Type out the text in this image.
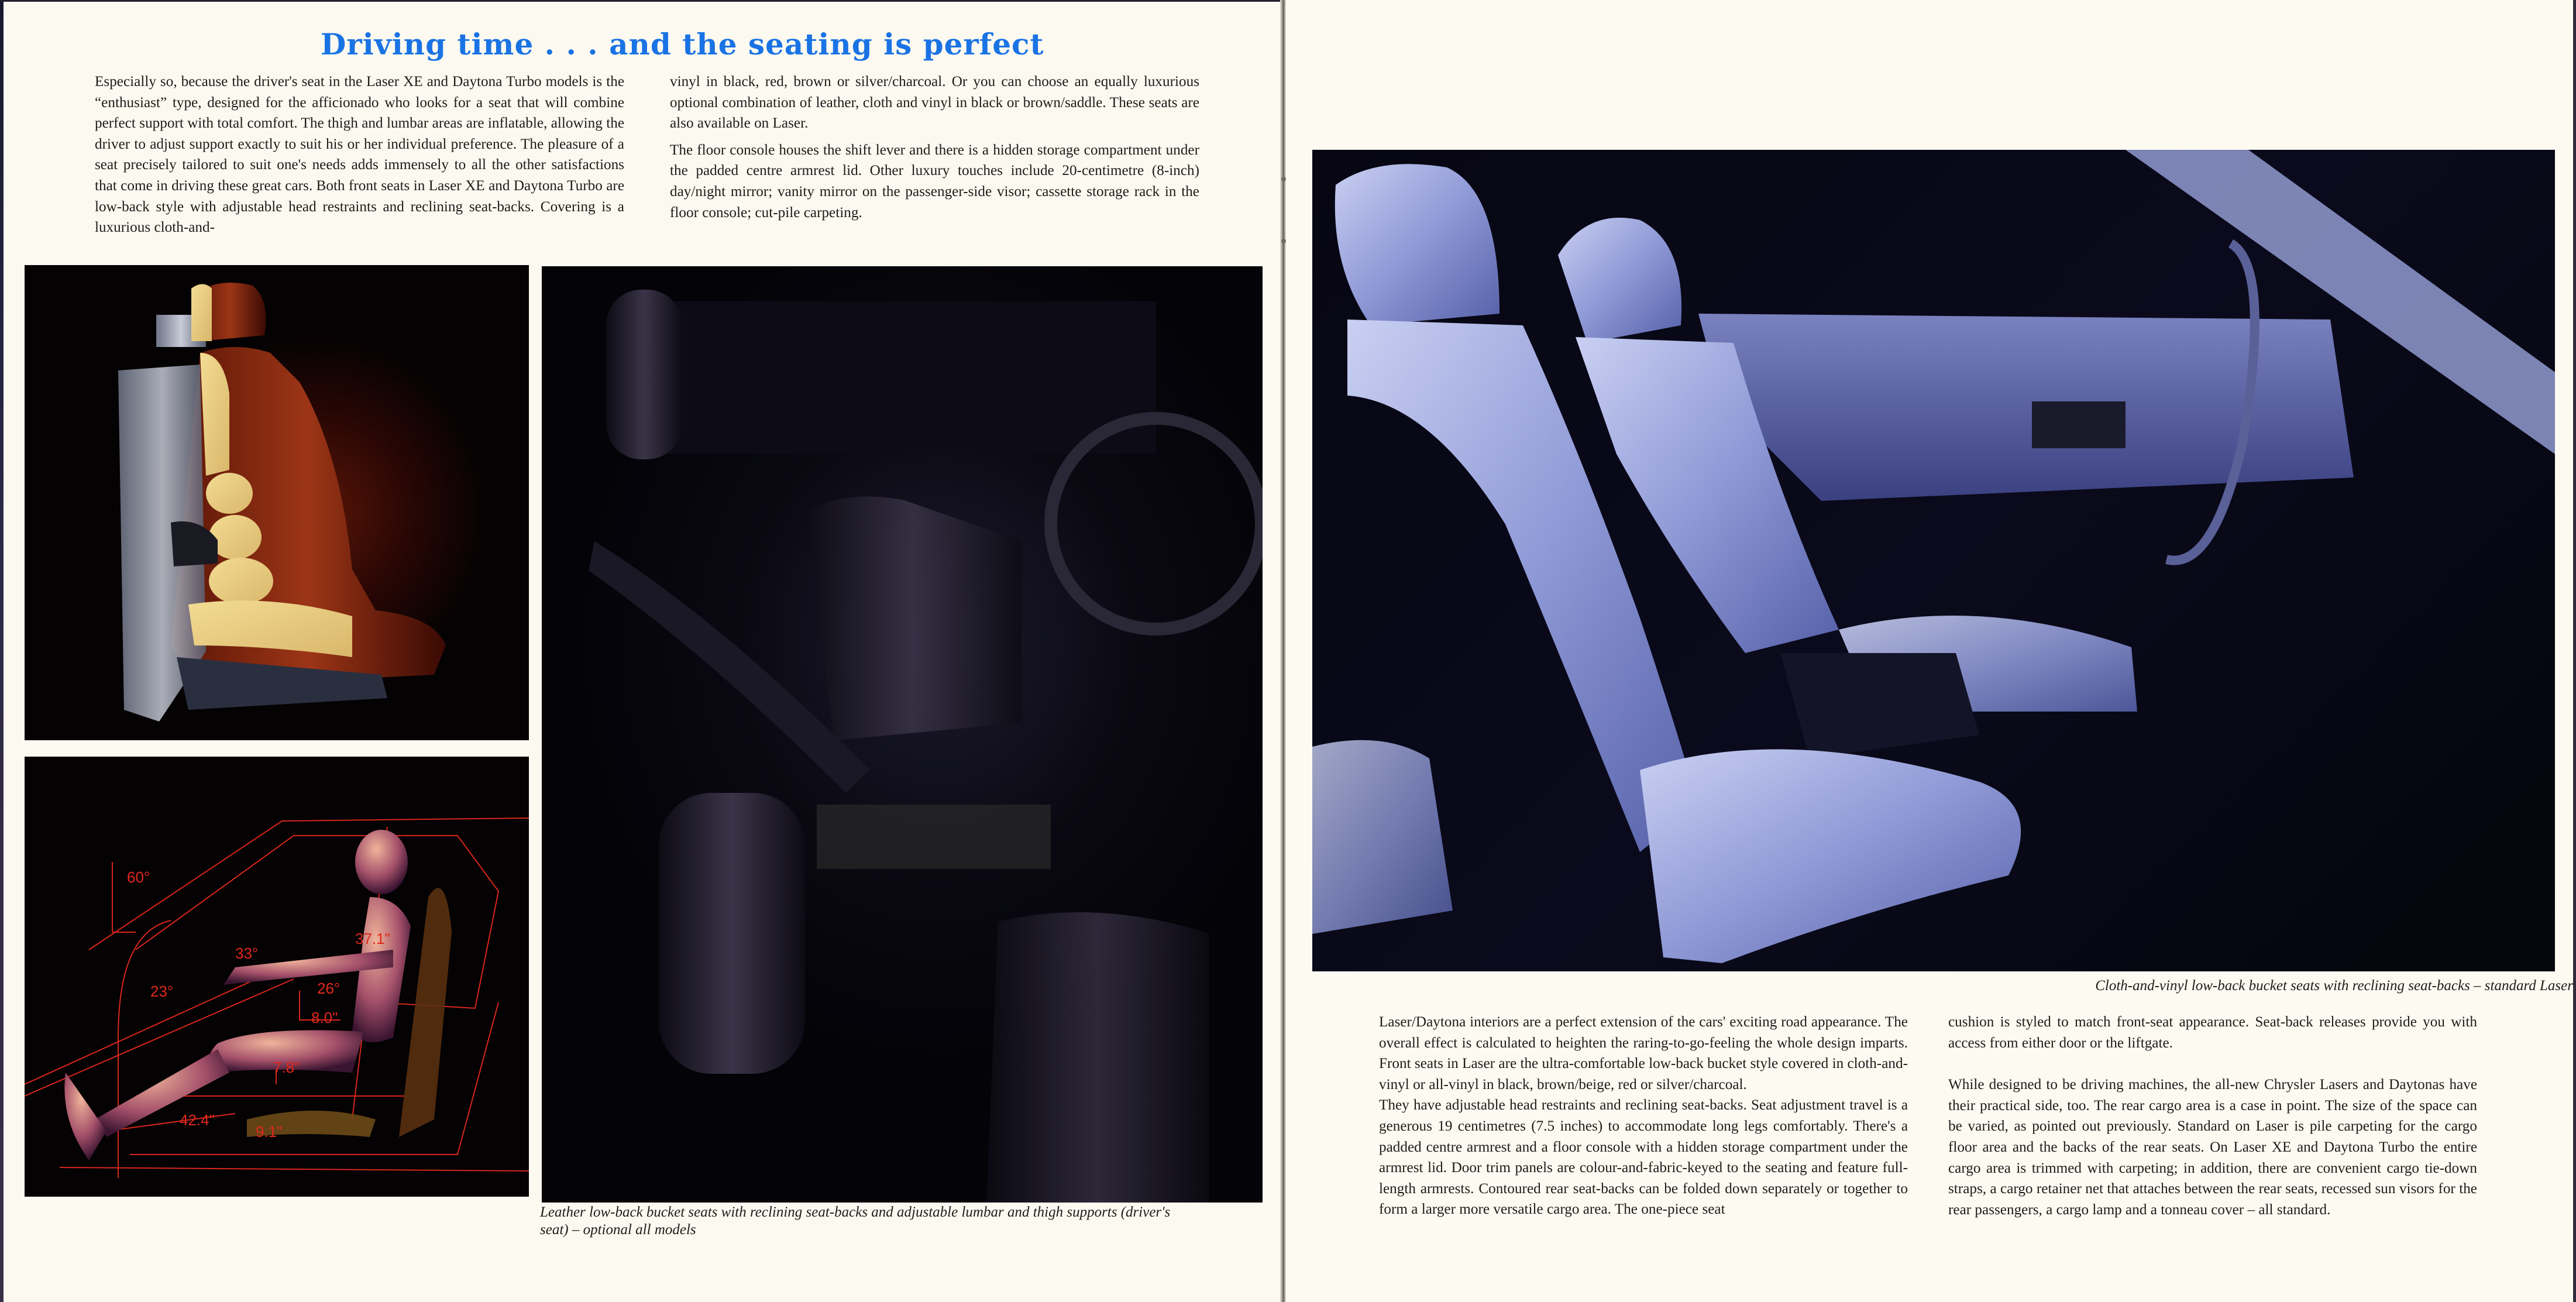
Driving time . . . and the seating is perfect

Especially so, because the driver's seat in the Laser XE and Daytona Turbo models is the “enthusiast” type, designed for the afficionado who looks for a seat that will combine perfect support with total comfort. The thigh and lumbar areas are inflatable, allowing the driver to adjust support exactly to suit his or her individual preference. The pleasure of a seat precisely tailored to suit one's needs adds immensely to all the other satisfactions that come in driving these great cars. Both front seats in Laser XE and Daytona Turbo are low-back style with adjustable head restraints and reclining seat-backs. Covering is a luxurious cloth-and-

vinyl in black, red, brown or silver/charcoal. Or you can choose an equally luxurious optional combination of leather, cloth and vinyl in black or brown/saddle. These seats are also available on Laser.

The floor console houses the shift lever and there is a hidden storage compartment under the padded centre armrest lid. Other luxury touches include 20-centimetre (8-inch) day/night mirror; vanity mirror on the passenger-side visor; cassette storage rack in the floor console; cut-pile carpeting.

60°
33°
23°
37.1"
26°
8.0"
7.8"
42.4"
9.1"
Leather low-back bucket seats with reclining seat-backs and adjustable lumbar and thigh supports (driver's seat) – optional all models
Cloth-and-vinyl low-back bucket seats with reclining seat-backs – standard Laser

Laser/Daytona interiors are a perfect extension of the cars' exciting road appearance. The overall effect is calculated to heighten the raring-to-go-feeling the whole design imparts. Front seats in Laser are the ultra-comfortable low-back bucket style covered in cloth-and-vinyl or all-vinyl in black, brown/beige, red or silver/charcoal.

They have adjustable head restraints and reclining seat-backs. Seat adjustment travel is a generous 19 centimetres (7.5 inches) to accommodate long legs comfortably. There's a padded centre armrest and a floor console with a hidden storage compartment under the armrest lid. Door trim panels are colour-and-fabric-keyed to the seating and feature full-length armrests. Contoured rear seat-backs can be folded down separately or together to form a larger more versatile cargo area. The one-piece seat

cushion is styled to match front-seat appearance. Seat-back releases provide you with access from either door or the liftgate.

While designed to be driving machines, the all-new Chrysler Lasers and Daytonas have their practical side, too. The rear cargo area is a case in point. The size of the space can be varied, as pointed out previously. Standard on Laser is pile carpeting for the cargo floor area and the backs of the rear seats. On Laser XE and Daytona Turbo the entire cargo area is trimmed with carpeting; in addition, there are convenient cargo tie-down straps, a cargo retainer net that attaches between the rear seats, recessed sun visors for the rear passengers, a cargo lamp and a tonneau cover – all standard.
